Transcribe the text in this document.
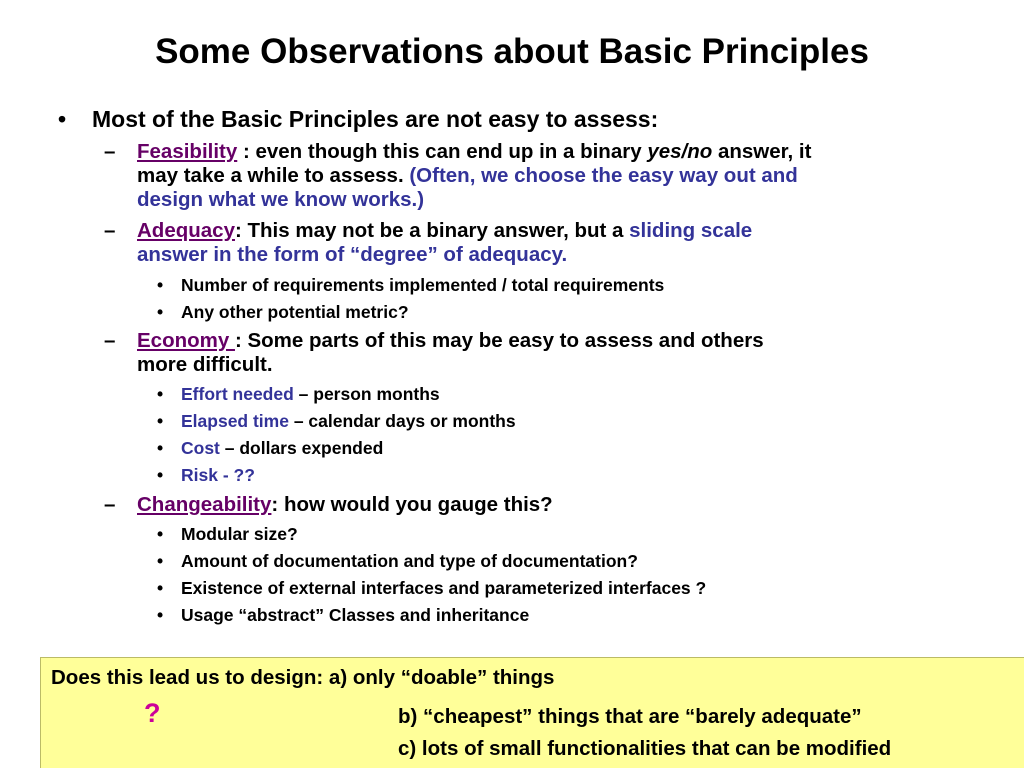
Some Observations about Basic Principles
• Most of the Basic Principles are not easy to assess:
– Feasibility : even though this can end up in a binary yes/no answer, it
may take a while to assess. (Often, we choose the easy way out and
design what we know works.)
– Adequacy: This may not be a binary answer, but a sliding scale
answer in the form of “degree” of adequacy.
• Number of requirements implemented / total requirements
• Any other potential metric?
– Economy : Some parts of this may be easy to assess and others
more difficult.
• Effort needed – person months
• Elapsed time – calendar days or months
• Cost – dollars expended
• Risk - ??
– Changeability: how would you gauge this?
• Modular size?
• Amount of documentation and type of documentation?
• Existence of external interfaces and parameterized interfaces ?
• Usage “abstract” Classes and inheritance
Does this lead us to design: a) only “doable” things
?	b) “cheapest” things that are “barely adequate”
c) lots of small functionalities that can be modified
